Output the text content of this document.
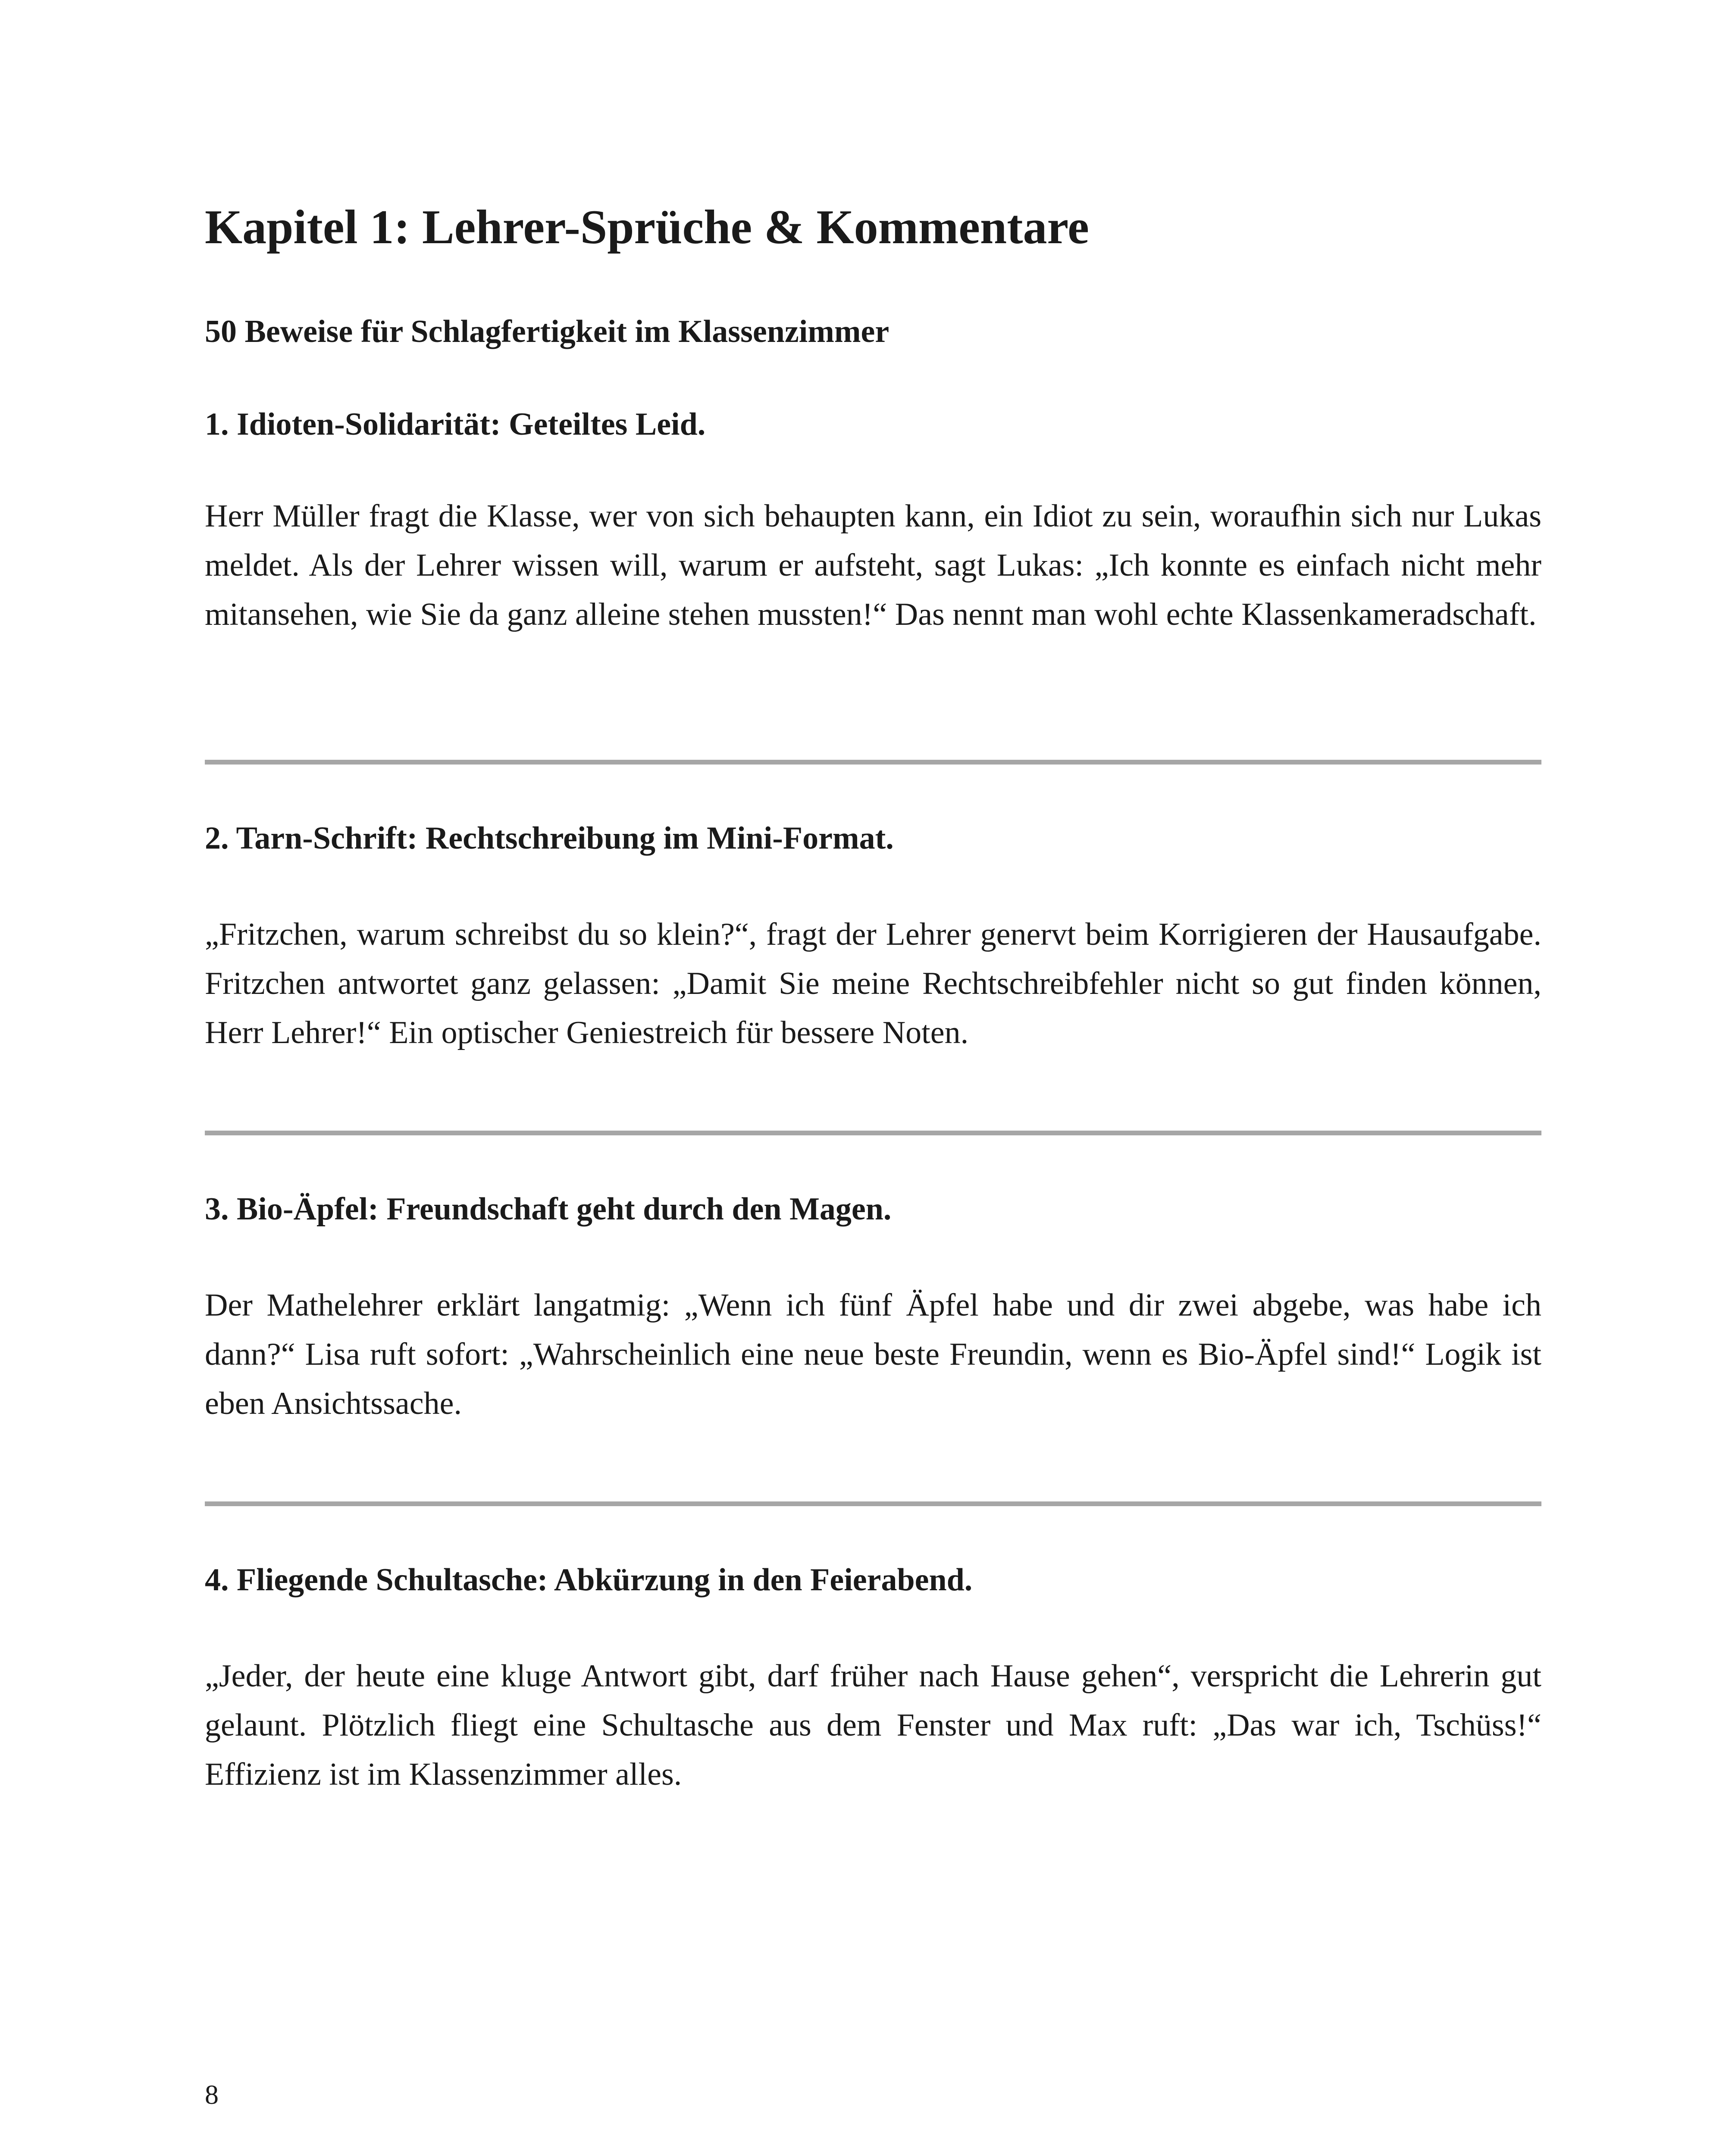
Kapitel 1: Lehrer-Sprüche & Kommentare
50 Beweise für Schlagfertigkeit im Klassenzimmer
1. Idioten-Solidarität: Geteiltes Leid.

Herr Müller fragt die Klasse, wer von sich behaupten kann, ein Idiot zu sein, woraufhin sich nur Lukas meldet. Als der Lehrer wissen will, warum er aufsteht, sagt Lukas: „Ich konnte es einfach nicht mehr mitansehen, wie Sie da ganz alleine stehen mussten!“ Das nennt man wohl echte Klassenkameradschaft.

2. Tarn-Schrift: Rechtschreibung im Mini-Format.

„Fritzchen, warum schreibst du so klein?“, fragt der Lehrer genervt beim Korrigieren der Hausaufgabe. Fritzchen antwortet ganz gelassen: „Damit Sie meine Rechtschreibfehler nicht so gut finden können, Herr Lehrer!“ Ein optischer Geniestreich für bessere Noten.

3. Bio-Äpfel: Freundschaft geht durch den Magen.

Der Mathelehrer erklärt langatmig: „Wenn ich fünf Äpfel habe und dir zwei abgebe, was habe ich dann?“ Lisa ruft sofort: „Wahrscheinlich eine neue beste Freundin, wenn es Bio-Äpfel sind!“ Logik ist eben Ansichtssache.

4. Fliegende Schultasche: Abkürzung in den Feierabend.

„Jeder, der heute eine kluge Antwort gibt, darf früher nach Hause gehen“, verspricht die Lehrerin gut gelaunt. Plötzlich fliegt eine Schultasche aus dem Fenster und Max ruft: „Das war ich, Tschüss!“ Effizienz ist im Klassenzimmer alles.

8
